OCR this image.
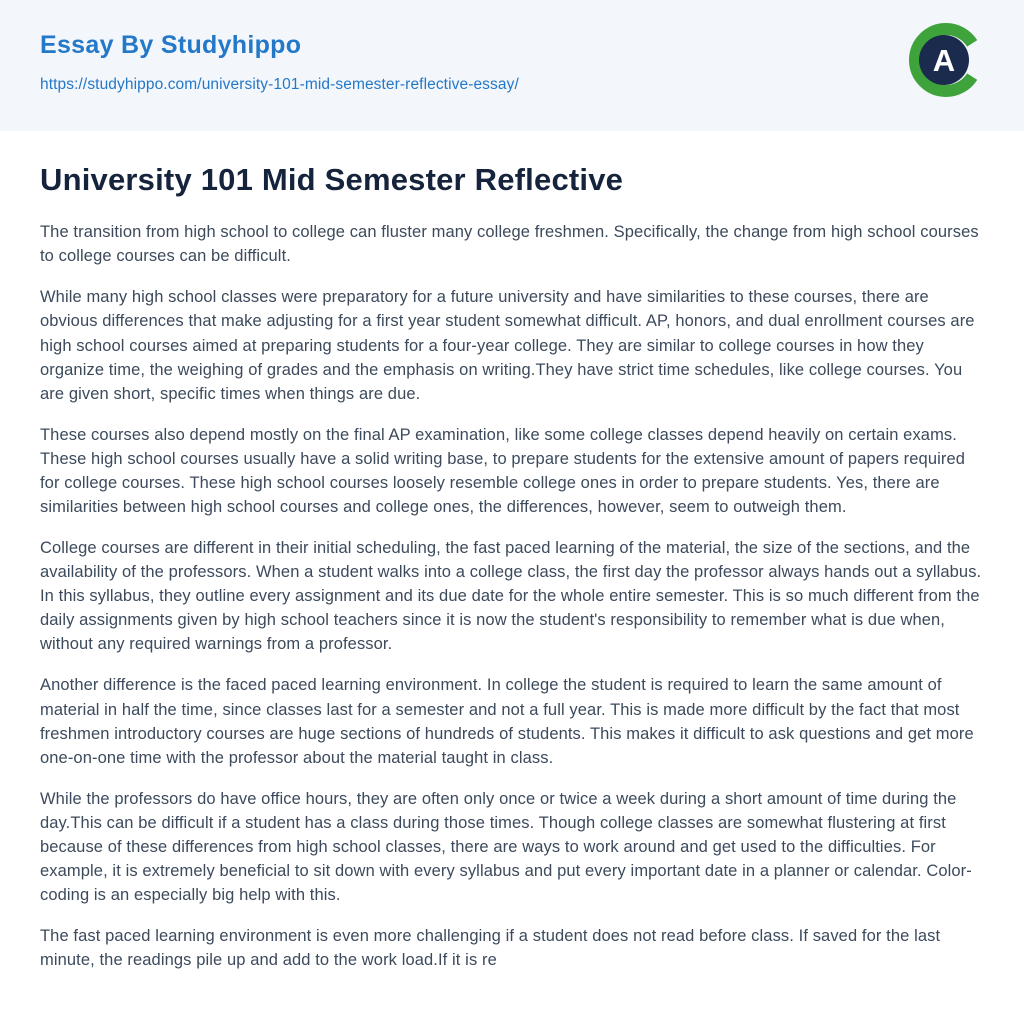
Essay By Studyhippo
https://studyhippo.com/university-101-mid-semester-reflective-essay/
A
University 101 Mid Semester Reflective

The transition from high school to college can fluster many college freshmen. Specifically, the change from high school courses to college courses can be difficult.

While many high school classes were preparatory for a future university and have similarities to these courses, there are obvious differences that make adjusting for a first year student somewhat difficult. AP, honors, and dual enrollment courses are high school courses aimed at preparing students for a four-year college. They are similar to college courses in how they organize time, the weighing of grades and the emphasis on writing.They have strict time schedules, like college courses. You are given short, specific times when things are due.

These courses also depend mostly on the final AP examination, like some college classes depend heavily on certain exams. These high school courses usually have a solid writing base, to prepare students for the extensive amount of papers required for college courses. These high school courses loosely resemble college ones in order to prepare students. Yes, there are similarities between high school courses and college ones, the differences, however, seem to outweigh them.

College courses are different in their initial scheduling, the fast paced learning of the material, the size of the sections, and the availability of the professors. When a student walks into a college class, the first day the professor always hands out a syllabus. In this syllabus, they outline every assignment and its due date for the whole entire semester. This is so much different from the daily assignments given by high school teachers since it is now the student's responsibility to remember what is due when, without any required warnings from a professor.

Another difference is the faced paced learning environment. In college the student is required to learn the same amount of material in half the time, since classes last for a semester and not a full year. This is made more difficult by the fact that most freshmen introductory courses are huge sections of hundreds of students. This makes it difficult to ask questions and get more one-on-one time with the professor about the material taught in class.

While the professors do have office hours, they are often only once or twice a week during a short amount of time during the day.This can be difficult if a student has a class during those times. Though college classes are somewhat flustering at first because of these differences from high school classes, there are ways to work around and get used to the difficulties. For example, it is extremely beneficial to sit down with every syllabus and put every important date in a planner or calendar. Color-coding is an especially big help with this.

The fast paced learning environment is even more challenging if a student does not read before class. If saved for the last minute, the readings pile up and add to the work load.If it is re
